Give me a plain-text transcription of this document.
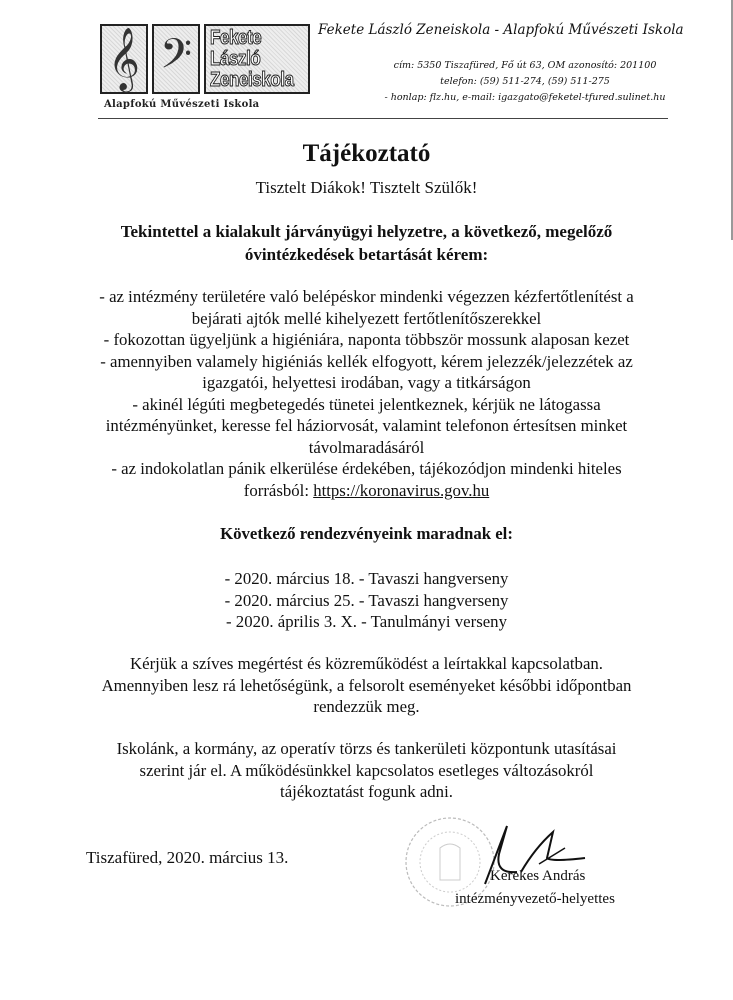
𝄞 𝄢 Fekete
László
Zeneiskola
Alapfokú Művészeti Iskola
Fekete László Zeneiskola - Alapfokú Művészeti Iskola
cím: 5350 Tiszafüred, Fő út 63, OM azonosító: 201100
telefon: (59) 511-274, (59) 511-275
- honlap: flz.hu, e-mail: igazgato@feketel-tfured.sulinet.hu
Tájékoztató
Tisztelt Diákok! Tisztelt Szülők!
Tekintettel a kialakult járványügyi helyzetre, a következő, megelőző
óvintézkedések betartását kérem:
- az intézmény területére való belépéskor mindenki végezzen kézfertőtlenítést a
bejárati ajtók mellé kihelyezett fertőtlenítőszerekkel
- fokozottan ügyeljünk a higiéniára, naponta többször mossunk alaposan kezet
- amennyiben valamely higiéniás kellék elfogyott, kérem jelezzék/jelezzétek az
igazgatói, helyettesi irodában, vagy a titkárságon
- akinél légúti megbetegedés tünetei jelentkeznek, kérjük ne látogassa
intézményünket, keresse fel háziorvosát, valamint telefonon értesítsen minket
távolmaradásáról
- az indokolatlan pánik elkerülése érdekében, tájékozódjon mindenki hiteles
forrásból: https://koronavirus.gov.hu
Következő rendezvényeink maradnak el:
- 2020. március 18. - Tavaszi hangverseny
- 2020. március 25. - Tavaszi hangverseny
- 2020. április 3. X. - Tanulmányi verseny
Kérjük a szíves megértést és közreműködést a leírtakkal kapcsolatban.
Amennyiben lesz rá lehetőségünk, a felsorolt eseményeket későbbi időpontban
rendezzük meg.
Iskolánk, a kormány, az operatív törzs és tankerületi központunk utasításai
szerint jár el. A működésünkkel kapcsolatos esetleges változásokról
tájékoztatást fogunk adni.
Tiszafüred, 2020. március 13.
Kerekes András
intézményvezető-helyettes
